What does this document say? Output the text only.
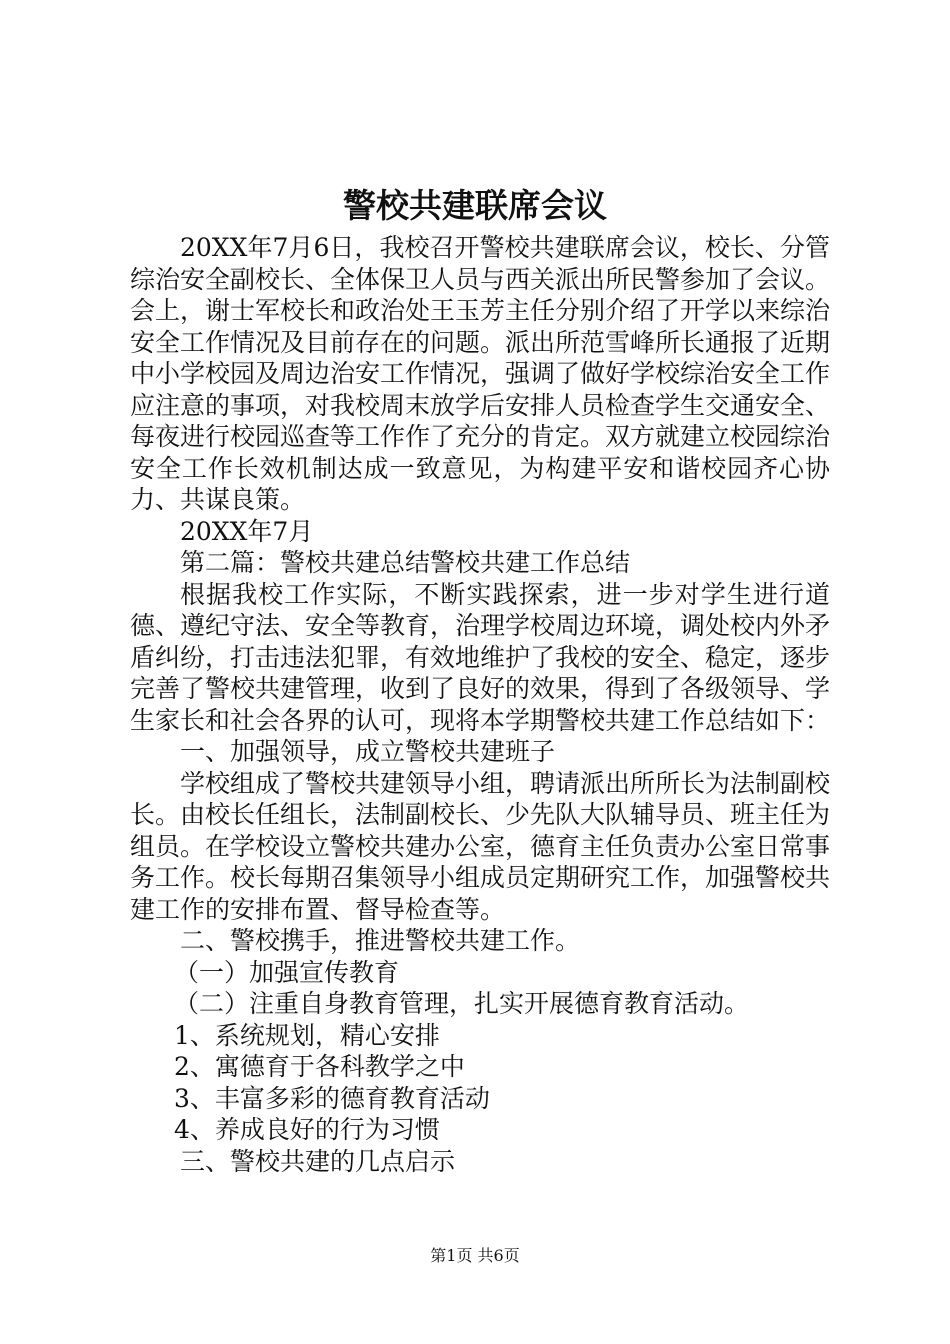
警校共建联席会议

20XX年7月6日，我校召开警校共建联席会议，校长、分管综治安全副校长、全体保卫人员与西关派出所民警参加了会议。会上，谢士军校长和政治处王玉芳主任分别介绍了开学以来综治安全工作情况及目前存在的问题。派出所范雪峰所长通报了近期中小学校园及周边治安工作情况，强调了做好学校综治安全工作应注意的事项，对我校周末放学后安排人员检查学生交通安全、每夜进行校园巡查等工作作了充分的肯定。双方就建立校园综治安全工作长效机制达成一致意见，为构建平安和谐校园齐心协力、共谋良策。

20XX年7月

第二篇：警校共建总结警校共建工作总结

根据我校工作实际，不断实践探索，进一步对学生进行道德、遵纪守法、安全等教育，治理学校周边环境，调处校内外矛盾纠纷，打击违法犯罪，有效地维护了我校的安全、稳定，逐步完善了警校共建管理，收到了良好的效果，得到了各级领导、学生家长和社会各界的认可，现将本学期警校共建工作总结如下：

一、加强领导，成立警校共建班子

学校组成了警校共建领导小组，聘请派出所所长为法制副校长。由校长任组长，法制副校长、少先队大队辅导员、班主任为组员。在学校设立警校共建办公室，德育主任负责办公室日常事务工作。校长每期召集领导小组成员定期研究工作，加强警校共建工作的安排布置、督导检查等。

二、警校携手，推进警校共建工作。

（一）加强宣传教育

（二）注重自身教育管理，扎实开展德育教育活动。

1、系统规划，精心安排

2、寓德育于各科教学之中

3、丰富多彩的德育教育活动

4、养成良好的行为习惯

三、警校共建的几点启示

第1页 共6页
